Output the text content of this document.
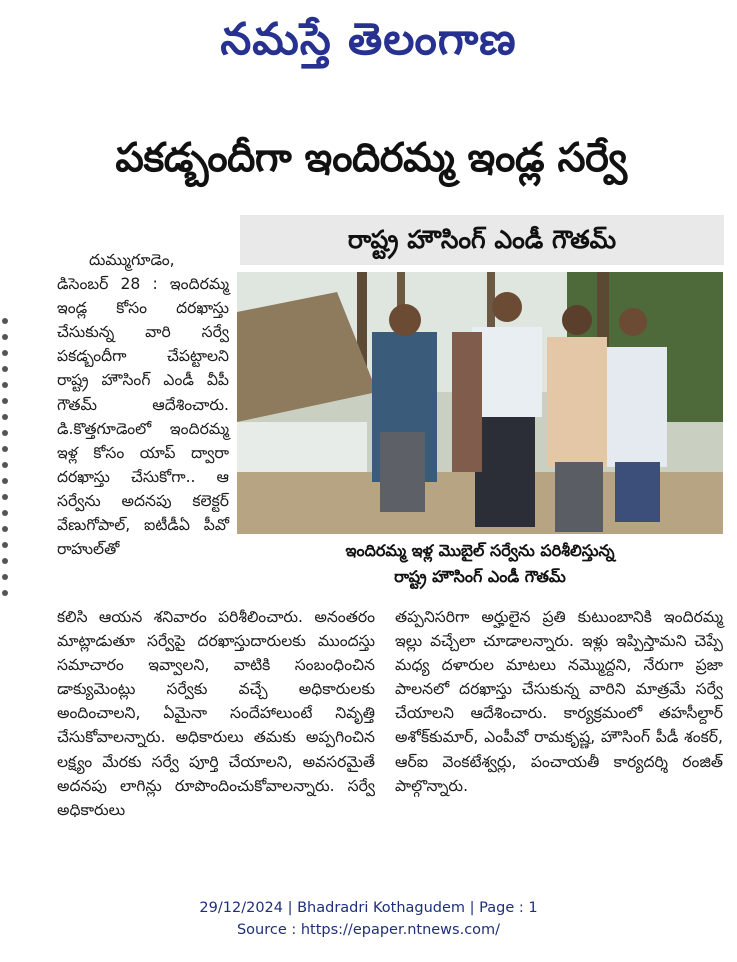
నమస్తే తెలంగాణ
పకడ్బందీగా ఇందిరమ్మ ఇండ్ల సర్వే
రాష్ట్ర హౌసింగ్ ఎండీ గౌతమ్

దుమ్ముగూడెం, డిసెంబర్ 28 : ఇందిరమ్మ ఇండ్ల కోసం దరఖాస్తు చేసుకున్న వారి సర్వే పకడ్బందీగా చేపట్టాలని రాష్ట్ర హౌసింగ్ ఎండీ వీపీ గౌతమ్ ఆదేశించారు. డి.కొత్తగూడెంలో ఇందిరమ్మ ఇళ్ల కోసం యాప్ ద్వారా దరఖాస్తు చేసుకోగా.. ఆ సర్వేను అదనపు కలెక్టర్ వేణుగోపాల్, ఐటీడీఏ పీవో రాహుల్‌తో	ఇందిరమ్మ ఇళ్ల మొబైల్ సర్వేను పరిశీలిస్తున్న
రాష్ట్ర హౌసింగ్ ఎండీ గౌతమ్

కలిసి ఆయన శనివారం పరిశీలించారు. అనంతరం మాట్లాడుతూ సర్వేపై దరఖాస్తుదారులకు ముందస్తు సమాచారం ఇవ్వాలని, వాటికి సంబంధించిన డాక్యుమెంట్లు సర్వేకు వచ్చే అధికారులకు అందించాలని, ఏమైనా సందేహాలుంటే నివృత్తి చేసుకోవాలన్నారు. అధికారులు తమకు అప్పగించిన లక్ష్యం మేరకు సర్వే పూర్తి చేయాలని, అవసరమైతే అదనపు లాగిన్లు రూపొందించుకోవాలన్నారు. సర్వే అధికారులు

తప్పనిసరిగా అర్హులైన ప్రతి కుటుంబానికి ఇందిరమ్మ ఇల్లు వచ్చేలా చూడాలన్నారు. ఇళ్లు ఇప్పిస్తామని చెప్పే మధ్య దళారుల మాటలు నమ్మొద్దని, నేరుగా ప్రజా పాలనలో దరఖాస్తు చేసుకున్న వారిని మాత్రమే సర్వే చేయాలని ఆదేశించారు. కార్యక్రమంలో తహసీల్దార్ అశోక్‌కుమార్, ఎంపీవో రామకృష్ణ, హౌసింగ్ పీడీ శంకర్, ఆర్ఐ వెంకటేశ్వర్లు, పంచాయతీ కార్యదర్శి రంజిత్ పాల్గొన్నారు.

29/12/2024 | Bhadradri Kothagudem | Page : 1
Source : https://epaper.ntnews.com/
